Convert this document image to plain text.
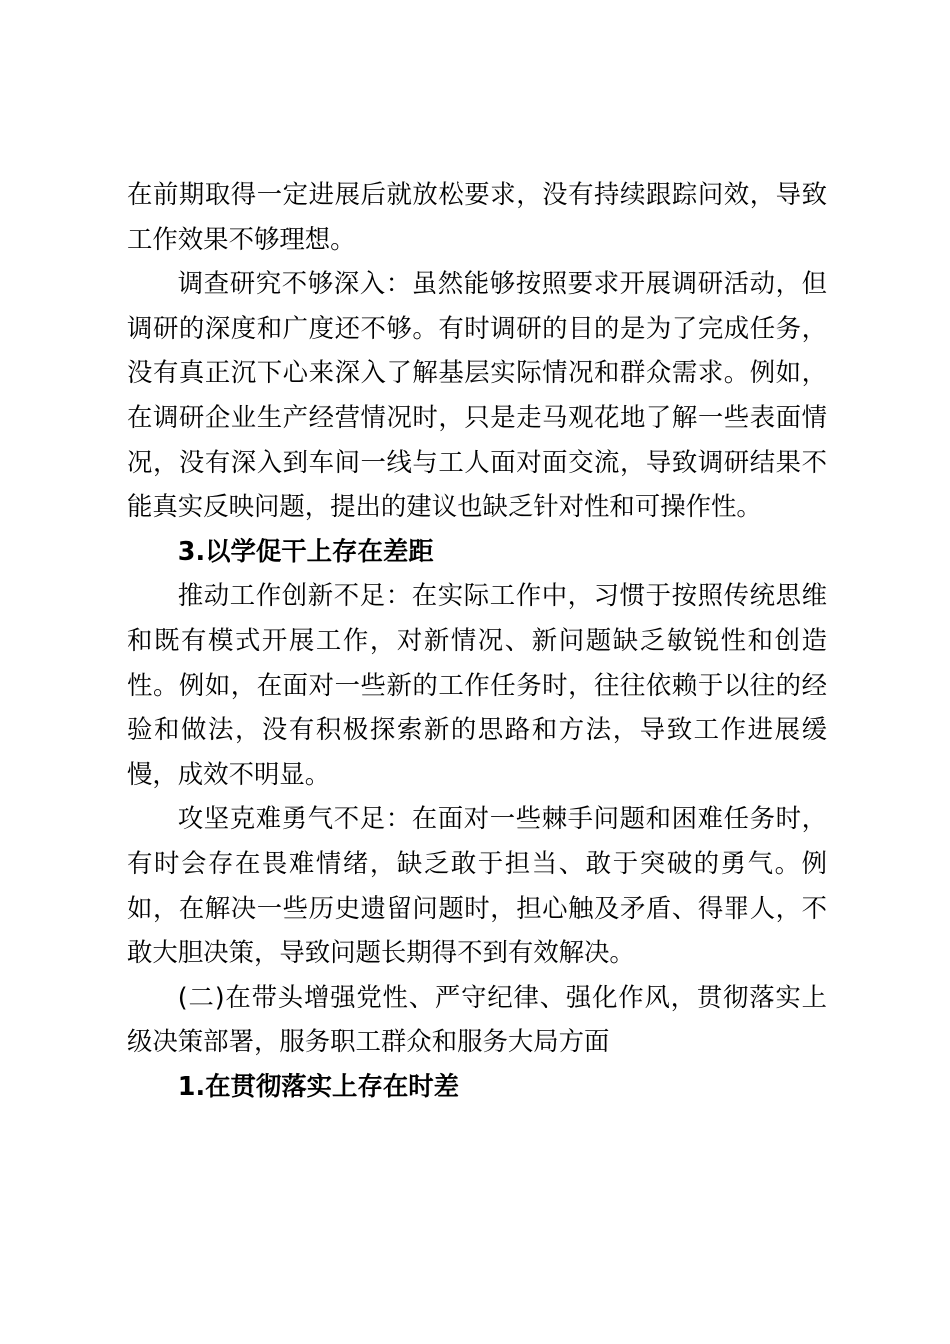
在前期取得一定进展后就放松要求，没有持续跟踪问效，导致工作效果不够理想。

调查研究不够深入：虽然能够按照要求开展调研活动，但调研的深度和广度还不够。有时调研的目的是为了完成任务，没有真正沉下心来深入了解基层实际情况和群众需求。例如，在调研企业生产经营情况时，只是走马观花地了解一些表面情况，没有深入到车间一线与工人面对面交流，导致调研结果不能真实反映问题，提出的建议也缺乏针对性和可操作性。

3.以学促干上存在差距

推动工作创新不足：在实际工作中，习惯于按照传统思维和既有模式开展工作，对新情况、新问题缺乏敏锐性和创造性。例如，在面对一些新的工作任务时，往往依赖于以往的经验和做法，没有积极探索新的思路和方法，导致工作进展缓慢，成效不明显。

攻坚克难勇气不足：在面对一些棘手问题和困难任务时，有时会存在畏难情绪，缺乏敢于担当、敢于突破的勇气。例如，在解决一些历史遗留问题时，担心触及矛盾、得罪人，不敢大胆决策，导致问题长期得不到有效解决。

(二)在带头增强党性、严守纪律、强化作风，贯彻落实上级决策部署，服务职工群众和服务大局方面

1.在贯彻落实上存在时差
